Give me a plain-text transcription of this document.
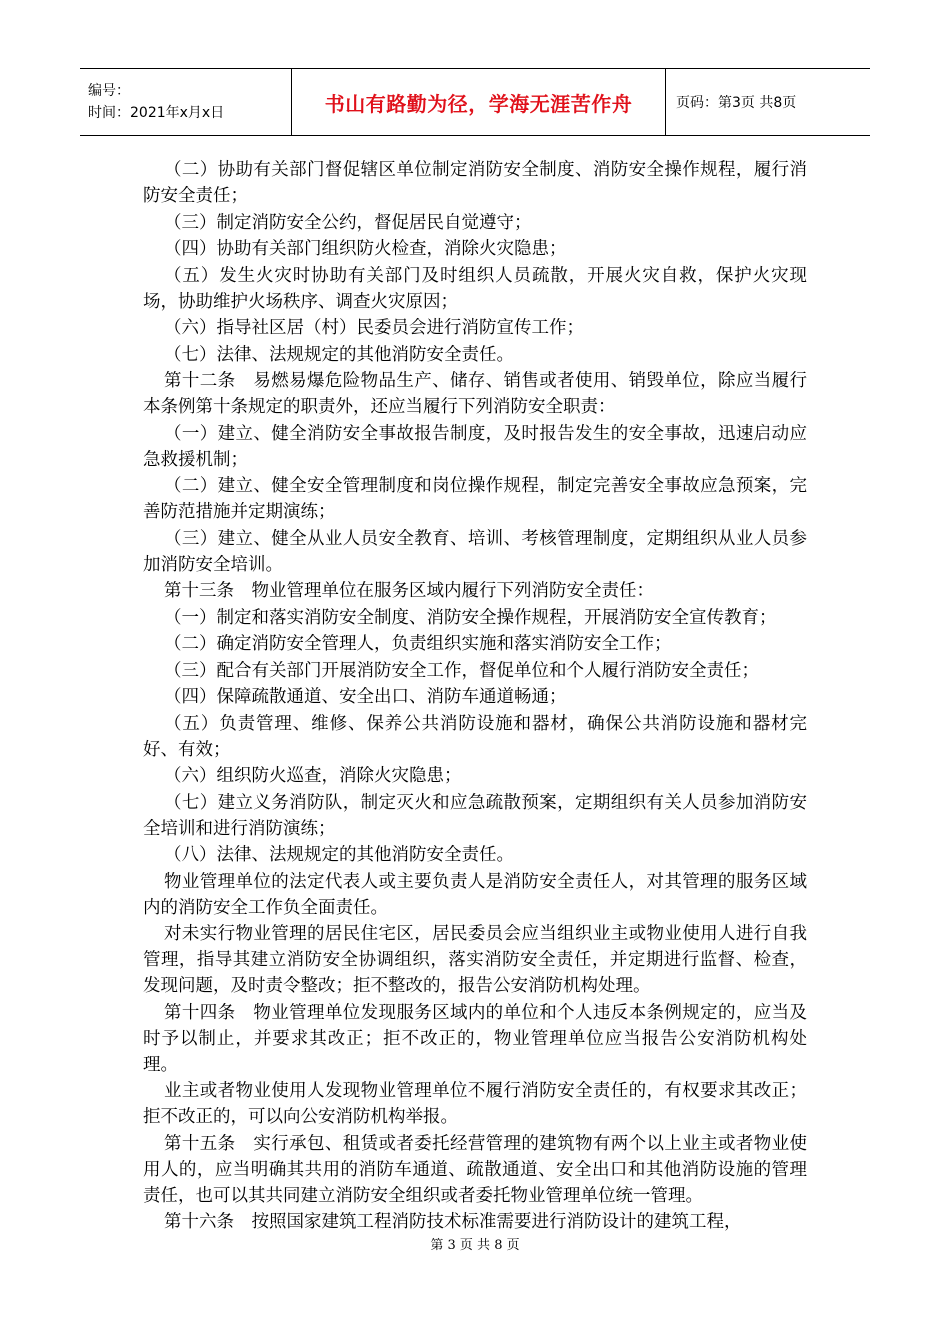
编号：
时间：2021年x月x日	书山有路勤为径，学海无涯苦作舟	页码：第3页 共8页

（二）协助有关部门督促辖区单位制定消防安全制度、消防安全操作规程，履行消防安全责任；

（三）制定消防安全公约，督促居民自觉遵守；

（四）协助有关部门组织防火检查，消除火灾隐患；

（五）发生火灾时协助有关部门及时组织人员疏散，开展火灾自救，保护火灾现场，协助维护火场秩序、调查火灾原因；

（六）指导社区居（村）民委员会进行消防宣传工作；

（七）法律、法规规定的其他消防安全责任。

第十二条　易燃易爆危险物品生产、储存、销售或者使用、销毁单位，除应当履行本条例第十条规定的职责外，还应当履行下列消防安全职责：

（一）建立、健全消防安全事故报告制度，及时报告发生的安全事故，迅速启动应急救援机制；

（二）建立、健全安全管理制度和岗位操作规程，制定完善安全事故应急预案，完善防范措施并定期演练；

（三）建立、健全从业人员安全教育、培训、考核管理制度，定期组织从业人员参加消防安全培训。

第十三条　物业管理单位在服务区域内履行下列消防安全责任：

（一）制定和落实消防安全制度、消防安全操作规程，开展消防安全宣传教育；

（二）确定消防安全管理人，负责组织实施和落实消防安全工作；

（三）配合有关部门开展消防安全工作，督促单位和个人履行消防安全责任；

（四）保障疏散通道、安全出口、消防车通道畅通；

（五）负责管理、维修、保养公共消防设施和器材，确保公共消防设施和器材完好、有效；

（六）组织防火巡查，消除火灾隐患；

（七）建立义务消防队，制定灭火和应急疏散预案，定期组织有关人员参加消防安全培训和进行消防演练；

（八）法律、法规规定的其他消防安全责任。

物业管理单位的法定代表人或主要负责人是消防安全责任人，对其管理的服务区域内的消防安全工作负全面责任。

对未实行物业管理的居民住宅区，居民委员会应当组织业主或物业使用人进行自我管理，指导其建立消防安全协调组织，落实消防安全责任，并定期进行监督、检查，发现问题，及时责令整改；拒不整改的，报告公安消防机构处理。

第十四条　物业管理单位发现服务区域内的单位和个人违反本条例规定的，应当及时予以制止，并要求其改正；拒不改正的，物业管理单位应当报告公安消防机构处理。

业主或者物业使用人发现物业管理单位不履行消防安全责任的，有权要求其改正；拒不改正的，可以向公安消防机构举报。

第十五条　实行承包、租赁或者委托经营管理的建筑物有两个以上业主或者物业使用人的，应当明确其共用的消防车通道、疏散通道、安全出口和其他消防设施的管理责任，也可以其共同建立消防安全组织或者委托物业管理单位统一管理。

第十六条　按照国家建筑工程消防技术标准需要进行消防设计的建筑工程，

第 3 页 共 8 页
